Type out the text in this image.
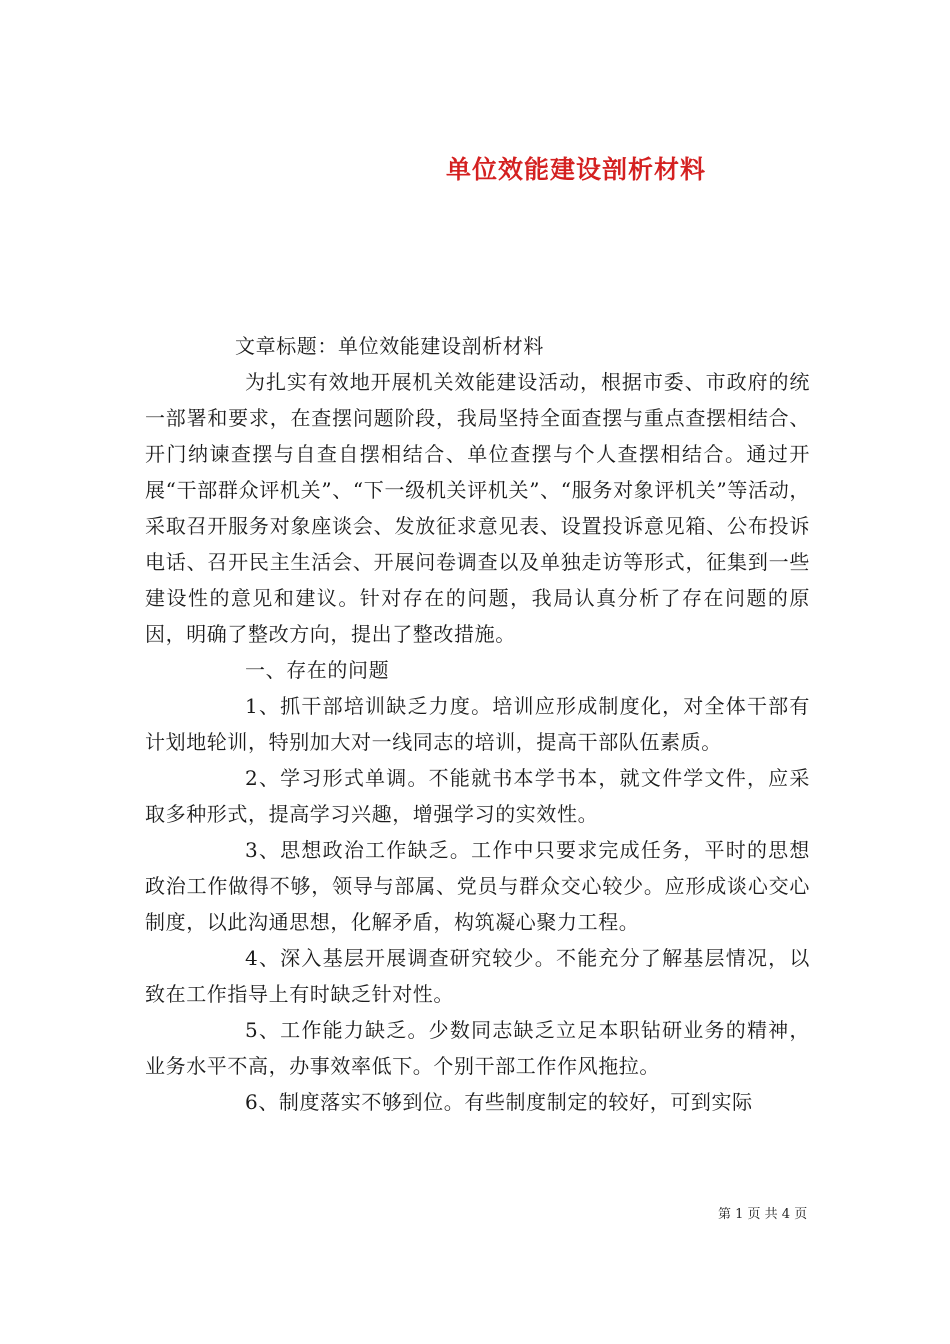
单位效能建设剖析材料

文章标题：单位效能建设剖析材料

为扎实有效地开展机关效能建设活动，根据市委、市政府的统一部署和要求，在查摆问题阶段，我局坚持全面查摆与重点查摆相结合、开门纳谏查摆与自查自摆相结合、单位查摆与个人查摆相结合。通过开展“干部群众评机关”、“下一级机关评机关”、“服务对象评机关”等活动，采取召开服务对象座谈会、发放征求意见表、设置投诉意见箱、公布投诉电话、召开民主生活会、开展问卷调查以及单独走访等形式，征集到一些建设性的意见和建议。针对存在的问题，我局认真分析了存在问题的原因，明确了整改方向，提出了整改措施。

一、存在的问题

1、抓干部培训缺乏力度。培训应形成制度化，对全体干部有计划地轮训，特别加大对一线同志的培训，提高干部队伍素质。

2、学习形式单调。不能就书本学书本，就文件学文件，应采取多种形式，提高学习兴趣，增强学习的实效性。

3、思想政治工作缺乏。工作中只要求完成任务，平时的思想政治工作做得不够，领导与部属、党员与群众交心较少。应形成谈心交心制度，以此沟通思想，化解矛盾，构筑凝心聚力工程。

4、深入基层开展调查研究较少。不能充分了解基层情况，以致在工作指导上有时缺乏针对性。

5、工作能力缺乏。少数同志缺乏立足本职钻研业务的精神，业务水平不高，办事效率低下。个别干部工作作风拖拉。

6、制度落实不够到位。有些制度制定的较好，可到实际

第 1 页 共 4 页
